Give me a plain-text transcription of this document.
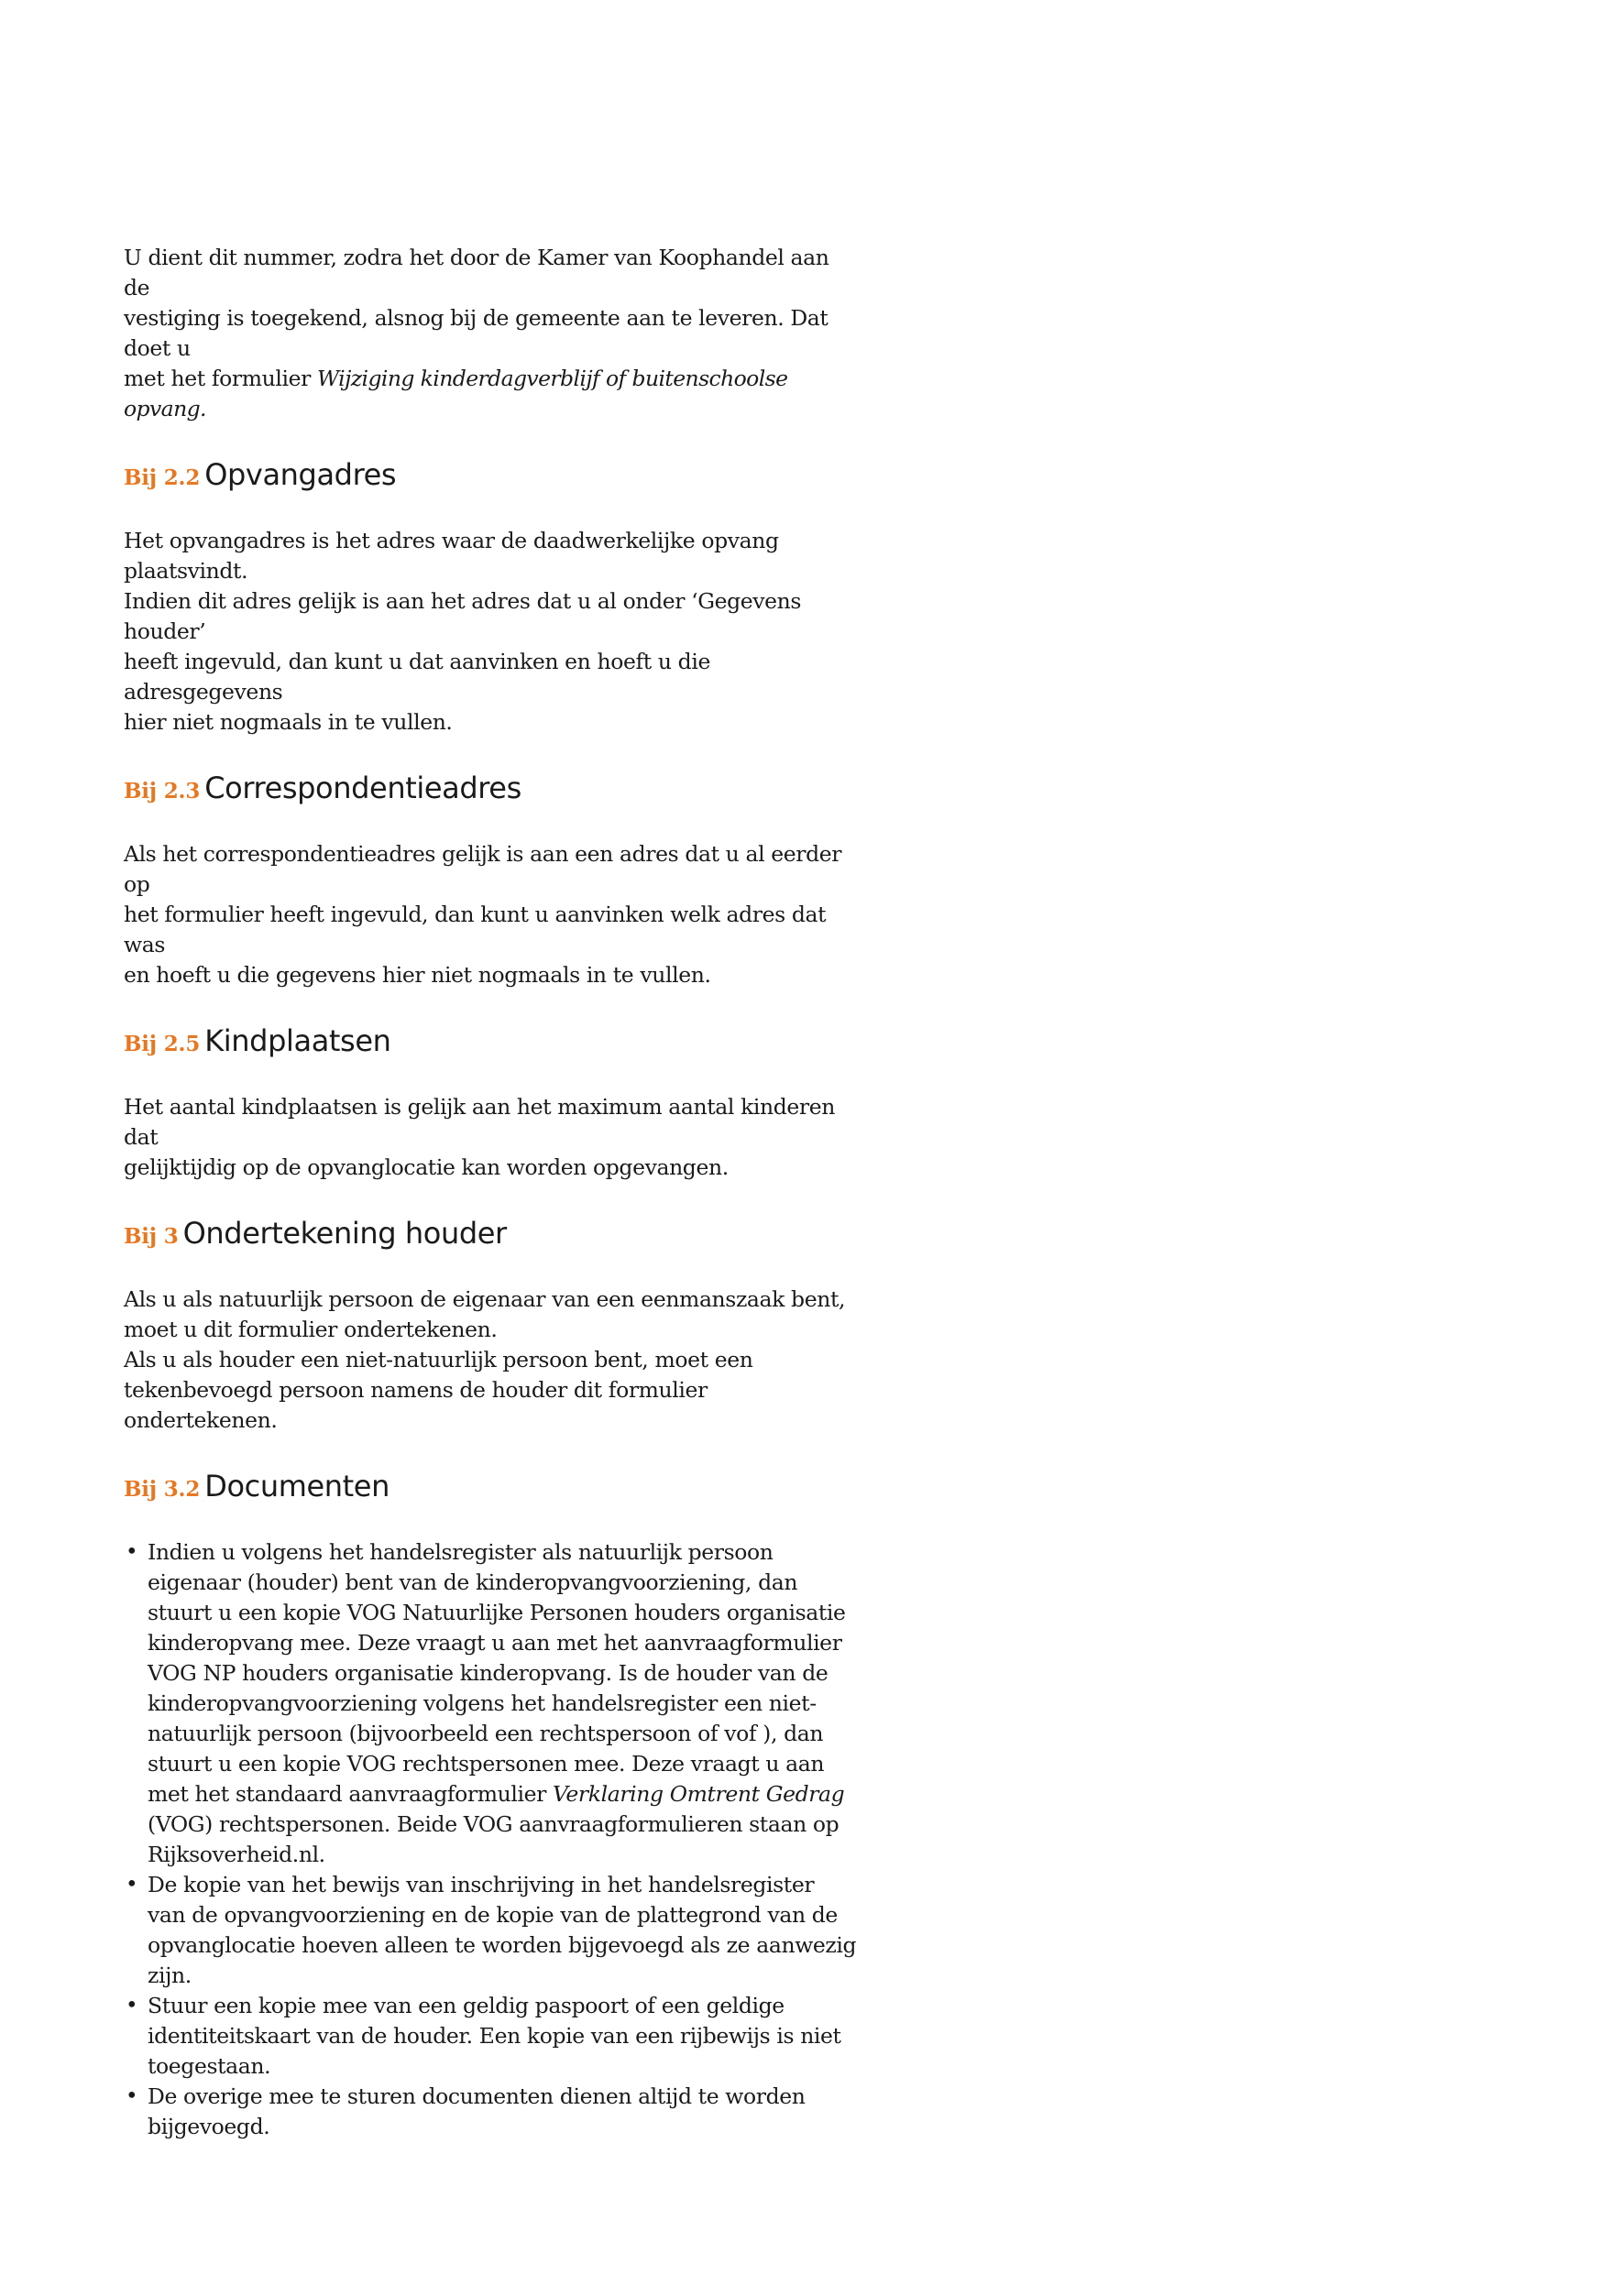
U dient dit nummer, zodra het door de Kamer van Koophandel aan de
vestiging is toegekend, alsnog bij de gemeente aan te leveren. Dat doet u
met het formulier Wijziging kinderdagverblijf of buitenschoolse opvang.

Bij 2.2 Opvangadres

Het opvangadres is het adres waar de daadwerkelijke opvang plaatsvindt.
Indien dit adres gelijk is aan het adres dat u al onder ‘Gegevens houder’
heeft ingevuld, dan kunt u dat aanvinken en hoeft u die adresgegevens
hier niet nogmaals in te vullen.

Bij 2.3 Correspondentieadres

Als het correspondentieadres gelijk is aan een adres dat u al eerder op
het formulier heeft ingevuld, dan kunt u aanvinken welk adres dat was
en hoeft u die gegevens hier niet nogmaals in te vullen.

Bij 2.5 Kindplaatsen

Het aantal kindplaatsen is gelijk aan het maximum aantal kinderen dat
gelijktijdig op de opvanglocatie kan worden opgevangen.

Bij 3 Ondertekening houder

Als u als natuurlijk persoon de eigenaar van een eenmanszaak bent,
moet u dit formulier ondertekenen.
Als u als houder een niet-natuurlijk persoon bent, moet een
tekenbevoegd persoon namens de houder dit formulier ondertekenen.

Bij 3.2 Documenten
• Indien u volgens het handelsregister als natuurlijk persoon
eigenaar (houder) bent van de kinderopvangvoorziening, dan
stuurt u een kopie VOG Natuurlijke Personen houders organisatie
kinderopvang mee. Deze vraagt u aan met het aanvraagformulier
VOG NP houders organisatie kinderopvang. Is de houder van de
kinderopvangvoorziening volgens het handelsregister een niet-
natuurlijk persoon (bijvoorbeeld een rechtspersoon of vof ), dan
stuurt u een kopie VOG rechtspersonen mee. Deze vraagt u aan
met het standaard aanvraagformulier Verklaring Omtrent Gedrag
(VOG) rechtspersonen. Beide VOG aanvraagformulieren staan op
Rijksoverheid.nl.
• De kopie van het bewijs van inschrijving in het handelsregister
van de opvangvoorziening en de kopie van de plattegrond van de
opvanglocatie hoeven alleen te worden bijgevoegd als ze aanwezig
zijn.
• Stuur een kopie mee van een geldig paspoort of een geldige
identiteitskaart van de houder. Een kopie van een rijbewijs is niet
toegestaan.
• De overige mee te sturen documenten dienen altijd te worden
bijgevoegd.
